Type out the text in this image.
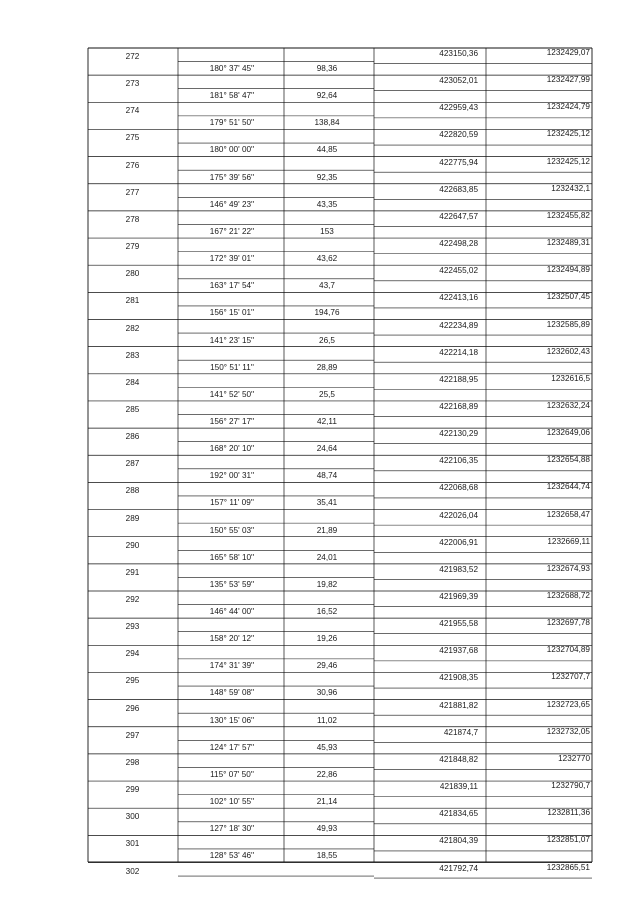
272	423150,36	1232429,07
180° 37' 45''	98,36
273	423052,01	1232427,99
181° 58' 47''	92,64
274	422959,43	1232424,79
179° 51' 50''	138,84
275	422820,59	1232425,12
180° 00' 00''	44,85
276	422775,94	1232425,12
175° 39' 56''	92,35
277	422683,85	1232432,1
146° 49' 23''	43,35
278	422647,57	1232455,82
167° 21' 22''	153
279	422498,28	1232489,31
172° 39' 01''	43,62
280	422455,02	1232494,89
163° 17' 54''	43,7
281	422413,16	1232507,45
156° 15' 01''	194,76
282	422234,89	1232585,89
141° 23' 15''	26,5
283	422214,18	1232602,43
150° 51' 11''	28,89
284	422188,95	1232616,5
141° 52' 50''	25,5
285	422168,89	1232632,24
156° 27' 17''	42,11
286	422130,29	1232649,06
168° 20' 10''	24,64
287	422106,35	1232654,88
192° 00' 31''	48,74
288	422068,68	1232644,74
157° 11' 09''	35,41
289	422026,04	1232658,47
150° 55' 03''	21,89
290	422006,91	1232669,11
165° 58' 10''	24,01
291	421983,52	1232674,93
135° 53' 59''	19,82
292	421969,39	1232688,72
146° 44' 00''	16,52
293	421955,58	1232697,78
158° 20' 12''	19,26
294	421937,68	1232704,89
174° 31' 39''	29,46
295	421908,35	1232707,7
148° 59' 08''	30,96
296	421881,82	1232723,65
130° 15' 06''	11,02
297	421874,7	1232732,05
124° 17' 57''	45,93
298	421848,82	1232770
115° 07' 50''	22,86
299	421839,11	1232790,7
102° 10' 55''	21,14
300	421834,65	1232811,36
127° 18' 30''	49,93
301	421804,39	1232851,07
128° 53' 46''	18,55
302	421792,74	1232865,51
